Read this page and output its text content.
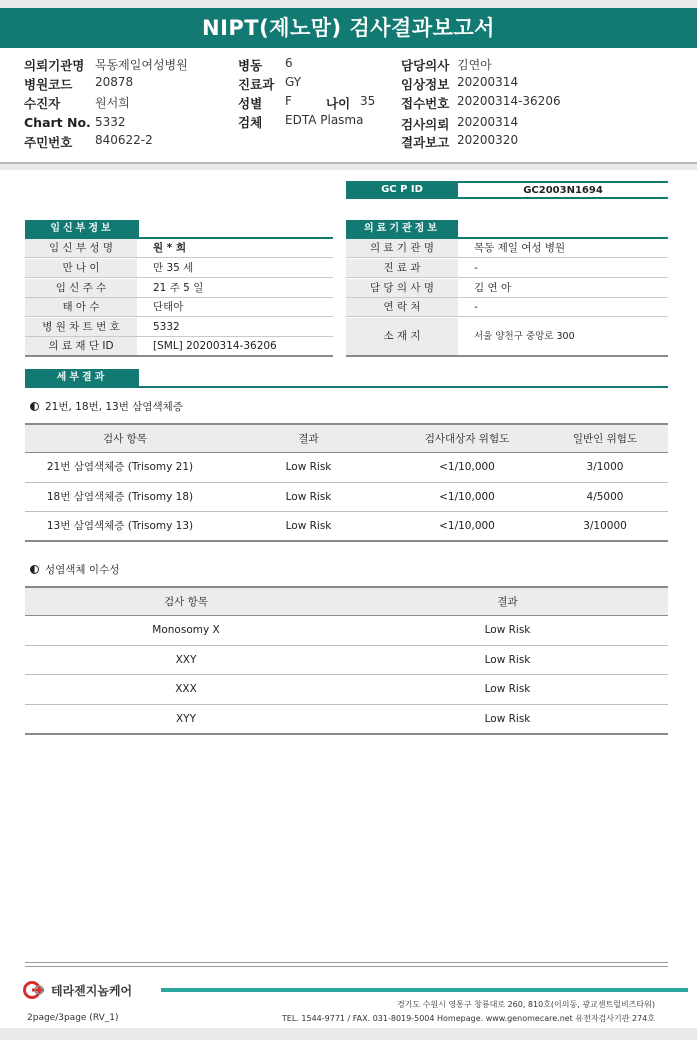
NIPT(제노맘) 검사결과보고서
의뢰기관명 목동제일여성병원
병원코드 20878
수진자	원서희
Chart No. 5332
주민번호 840622-2
병동 6
진료과 GY
성별 F	나이 35
검체 EDTA Plasma
담당의사 김연아
임상정보 20200314
접수번호 20200314-36206
검사의뢰 20200314
결과보고 20200320
GC P ID	GC2003N1694
임신부정보
임 신 부 성 명	원 * 희
만 나 이	만 35 세
임 신 주 수	21 주 5 일
태 아 수	단태아
병 원 차 트 번 호	5332
의 료 재 단 ID	[SML] 20200314-36206
의료기관정보
의 료 기 관 명	목동 제일 여성 병원
진 료 과	-
담 당 의 사 명	김 연 아
연 락 처	-
소 재 지	서울 양천구 중앙로 300
세부결과
21번, 18번, 13번 삼염색체증
검사 항목	결과	검사대상자 위험도	일반인 위험도
21번 삼염색체증 (Trisomy 21)	Low Risk	<1/10,000	3/1000
18번 삼염색체증 (Trisomy 18)	Low Risk	<1/10,000	4/5000
13번 삼염색체증 (Trisomy 13)	Low Risk	<1/10,000	3/10000
성염색체 이수성
검사 항목	결과
Monosomy X	Low Risk
XXY	Low Risk
XXX	Low Risk
XYY	Low Risk
테라젠지놈케어
경기도 수원시 영통구 창룡대로 260, 810호(이의동, 광교센트럴비즈타워)
TEL. 1544-9771 / FAX. 031-8019-5004 Homepage. www.genomecare.net 유전자검사기관 274호
2page/3page (RV_1)
